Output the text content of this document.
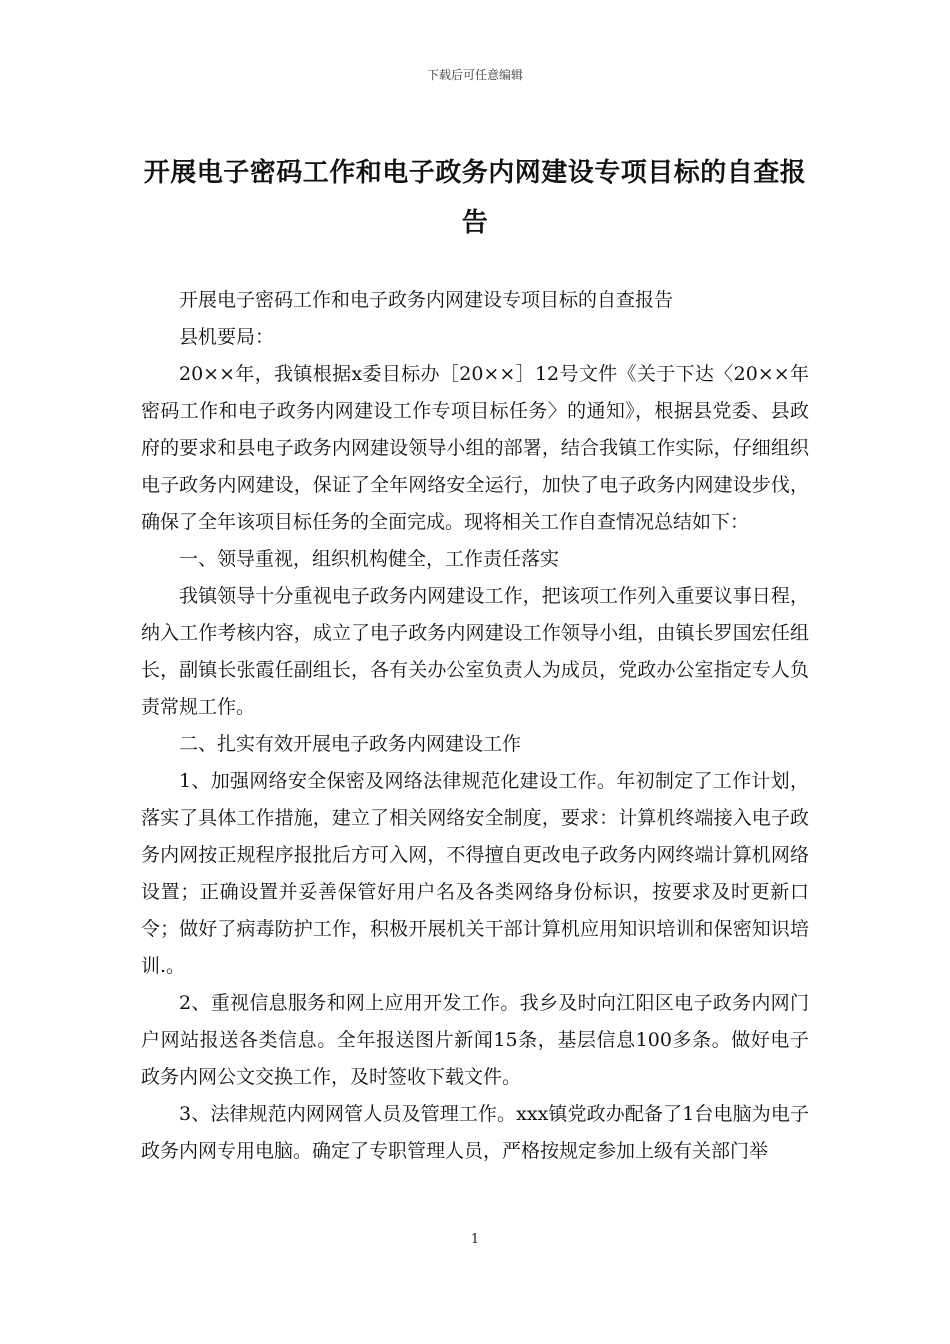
下载后可任意编辑
开展电子密码工作和电子政务内网建设专项目标的自查报告

开展电子密码工作和电子政务内网建设专项目标的自查报告

县机要局：

20××年，我镇根据x委目标办［20××］12号文件《关于下达〈20××年密码工作和电子政务内网建设工作专项目标任务〉的通知》，根据县党委、县政府的要求和县电子政务内网建设领导小组的部署，结合我镇工作实际，仔细组织电子政务内网建设，保证了全年网络安全运行，加快了电子政务内网建设步伐，确保了全年该项目标任务的全面完成。现将相关工作自查情况总结如下：

一、领导重视，组织机构健全，工作责任落实

我镇领导十分重视电子政务内网建设工作，把该项工作列入重要议事日程，纳入工作考核内容，成立了电子政务内网建设工作领导小组，由镇长罗国宏任组长，副镇长张霞任副组长，各有关办公室负责人为成员，党政办公室指定专人负责常规工作。

二、扎实有效开展电子政务内网建设工作

1、加强网络安全保密及网络法律规范化建设工作。年初制定了工作计划，落实了具体工作措施，建立了相关网络安全制度，要求：计算机终端接入电子政务内网按正规程序报批后方可入网，不得擅自更改电子政务内网终端计算机网络设置；正确设置并妥善保管好用户名及各类网络身份标识，按要求及时更新口令；做好了病毒防护工作，积极开展机关干部计算机应用知识培训和保密知识培训.。

2、重视信息服务和网上应用开发工作。我乡及时向江阳区电子政务内网门户网站报送各类信息。全年报送图片新闻15条，基层信息100多条。做好电子政务内网公文交换工作，及时签收下载文件。

3、法律规范内网网管人员及管理工作。xxx镇党政办配备了1台电脑为电子政务内网专用电脑。确定了专职管理人员，严格按规定参加上级有关部门举

1
